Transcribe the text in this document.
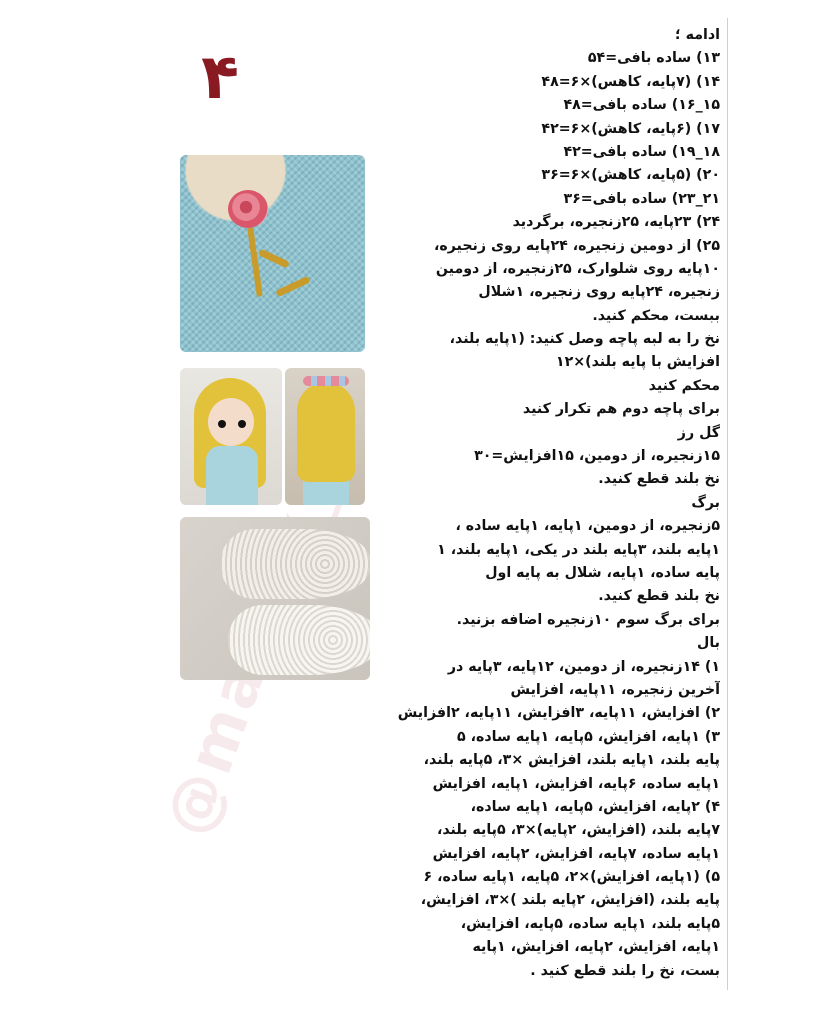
۴
ادامه ؛
۱۳) ساده بافی=۵۴
۱۴) (۷پایه، کاهس)×۶=۴۸
۱۵_۱۶) ساده بافی=۴۸
۱۷) (۶پایه، کاهش)×۶=۴۲
۱۸_۱۹) ساده بافی=۴۲
۲۰) (۵پایه، کاهش)×۶=۳۶
۲۱_۲۳) ساده بافی=۳۶
۲۴) ۲۳پایه، ۲۵زنجیره، برگردید
۲۵) از دومین زنجیره، ۲۴پایه روی زنجیره،
۱۰پایه روی شلوارک، ۲۵زنجیره، از دومین
زنجیره، ۲۴پایه روی زنجیره، ۱شلال
ببست، محکم کنید.
نخ را به لبه پاچه وصل کنید: (۱پایه بلند،
افزایش با پایه بلند)×۱۲
محکم کنید
برای پاچه دوم هم تکرار کنید
گل رز
۱۵زنجیره، از دومین، ۱۵افزایش=۳۰
نخ بلند قطع کنید.
برگ
۵زنجیره، از دومین، ۱پایه، ۱پایه ساده ،
۱پایه بلند، ۳پایه بلند در یکی، ۱پایه بلند، ۱
پایه ساده، ۱پایه، شلال به پایه اول
نخ بلند قطع کنید.
برای برگ سوم ۱۰زنجیره اضافه بزنید.
بال
۱) ۱۴زنجیره، از دومین، ۱۲پایه، ۳پایه در
آخرین زنجیره، ۱۱پایه، افزایش
۲) افزایش، ۱۱پایه، ۳افزایش، ۱۱پایه، ۲افزایش
۳) ۱پایه، افزایش، ۵پایه، ۱پایه ساده، ۵
پایه بلند، ۱پایه بلند، افزایش ×۳، ۵پایه بلند،
۱پایه ساده، ۶پایه، افزایش، ۱پایه، افزایش
۴) ۲پایه، افزایش، ۵پایه، ۱پایه ساده،
۷پایه بلند، (افزایش، ۲پایه)×۳، ۵پایه بلند،
۱پایه ساده، ۷پایه، افزایش، ۲پایه، افزایش
۵) (۱پایه، افزایش)×۲، ۵پایه، ۱پایه ساده، ۶
پایه بلند، (افزایش، ۲پایه بلند )×۳، افزایش،
۵پایه بلند، ۱پایه ساده، ۵پایه، افزایش،
۱پایه، افزایش، ۲پایه، افزایش، ۱پایه
بست، نخ را بلند قطع کنید .
